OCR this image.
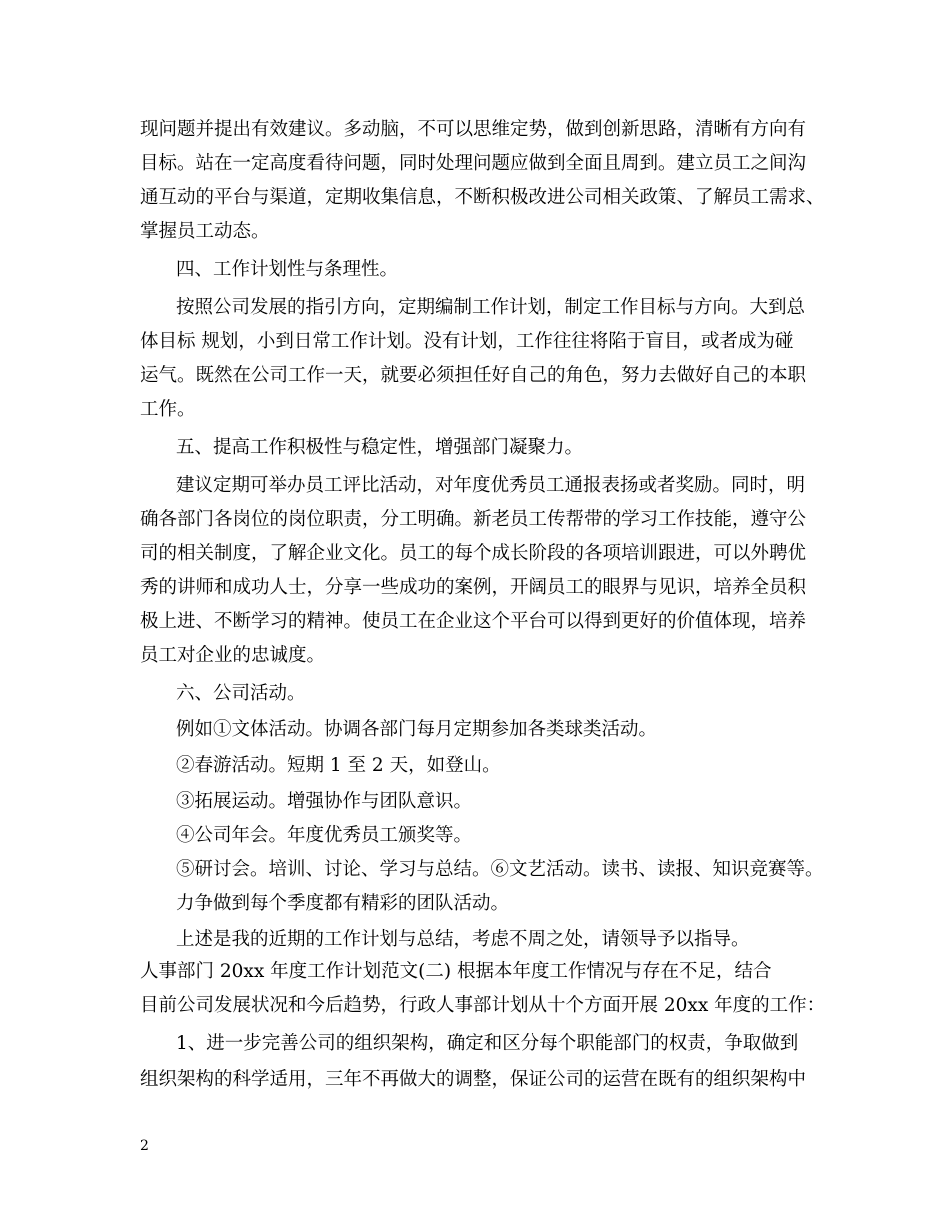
现问题并提出有效建议。多动脑，不可以思维定势，做到创新思路，清晰有方向有
目标。站在一定高度看待问题，同时处理问题应做到全面且周到。建立员工之间沟
通互动的平台与渠道，定期收集信息，不断积极改进公司相关政策、了解员工需求、
掌握员工动态。
四、工作计划性与条理性。
按照公司发展的指引方向，定期编制工作计划，制定工作目标与方向。大到总
体目标 规划，小到日常工作计划。没有计划，工作往往将陷于盲目，或者成为碰
运气。既然在公司工作一天，就要必须担任好自己的角色，努力去做好自己的本职
工作。
五、提高工作积极性与稳定性，增强部门凝聚力。
建议定期可举办员工评比活动，对年度优秀员工通报表扬或者奖励。同时，明
确各部门各岗位的岗位职责，分工明确。新老员工传帮带的学习工作技能，遵守公
司的相关制度，了解企业文化。员工的每个成长阶段的各项培训跟进，可以外聘优
秀的讲师和成功人士，分享一些成功的案例，开阔员工的眼界与见识，培养全员积
极上进、不断学习的精神。使员工在企业这个平台可以得到更好的价值体现，培养
员工对企业的忠诚度。
六、公司活动。
例如①文体活动。协调各部门每月定期参加各类球类活动。
②春游活动。短期 1 至 2 天，如登山。
③拓展运动。增强协作与团队意识。
④公司年会。年度优秀员工颁奖等。
⑤研讨会。培训、讨论、学习与总结。⑥文艺活动。读书、读报、知识竞赛等。
力争做到每个季度都有精彩的团队活动。
上述是我的近期的工作计划与总结，考虑不周之处，请领导予以指导。
人事部门 20xx 年度工作计划范文(二) 根据本年度工作情况与存在不足，结合
目前公司发展状况和今后趋势，行政人事部计划从十个方面开展 20xx 年度的工作：
1、进一步完善公司的组织架构，确定和区分每个职能部门的权责，争取做到
组织架构的科学适用，三年不再做大的调整，保证公司的运营在既有的组织架构中
2
